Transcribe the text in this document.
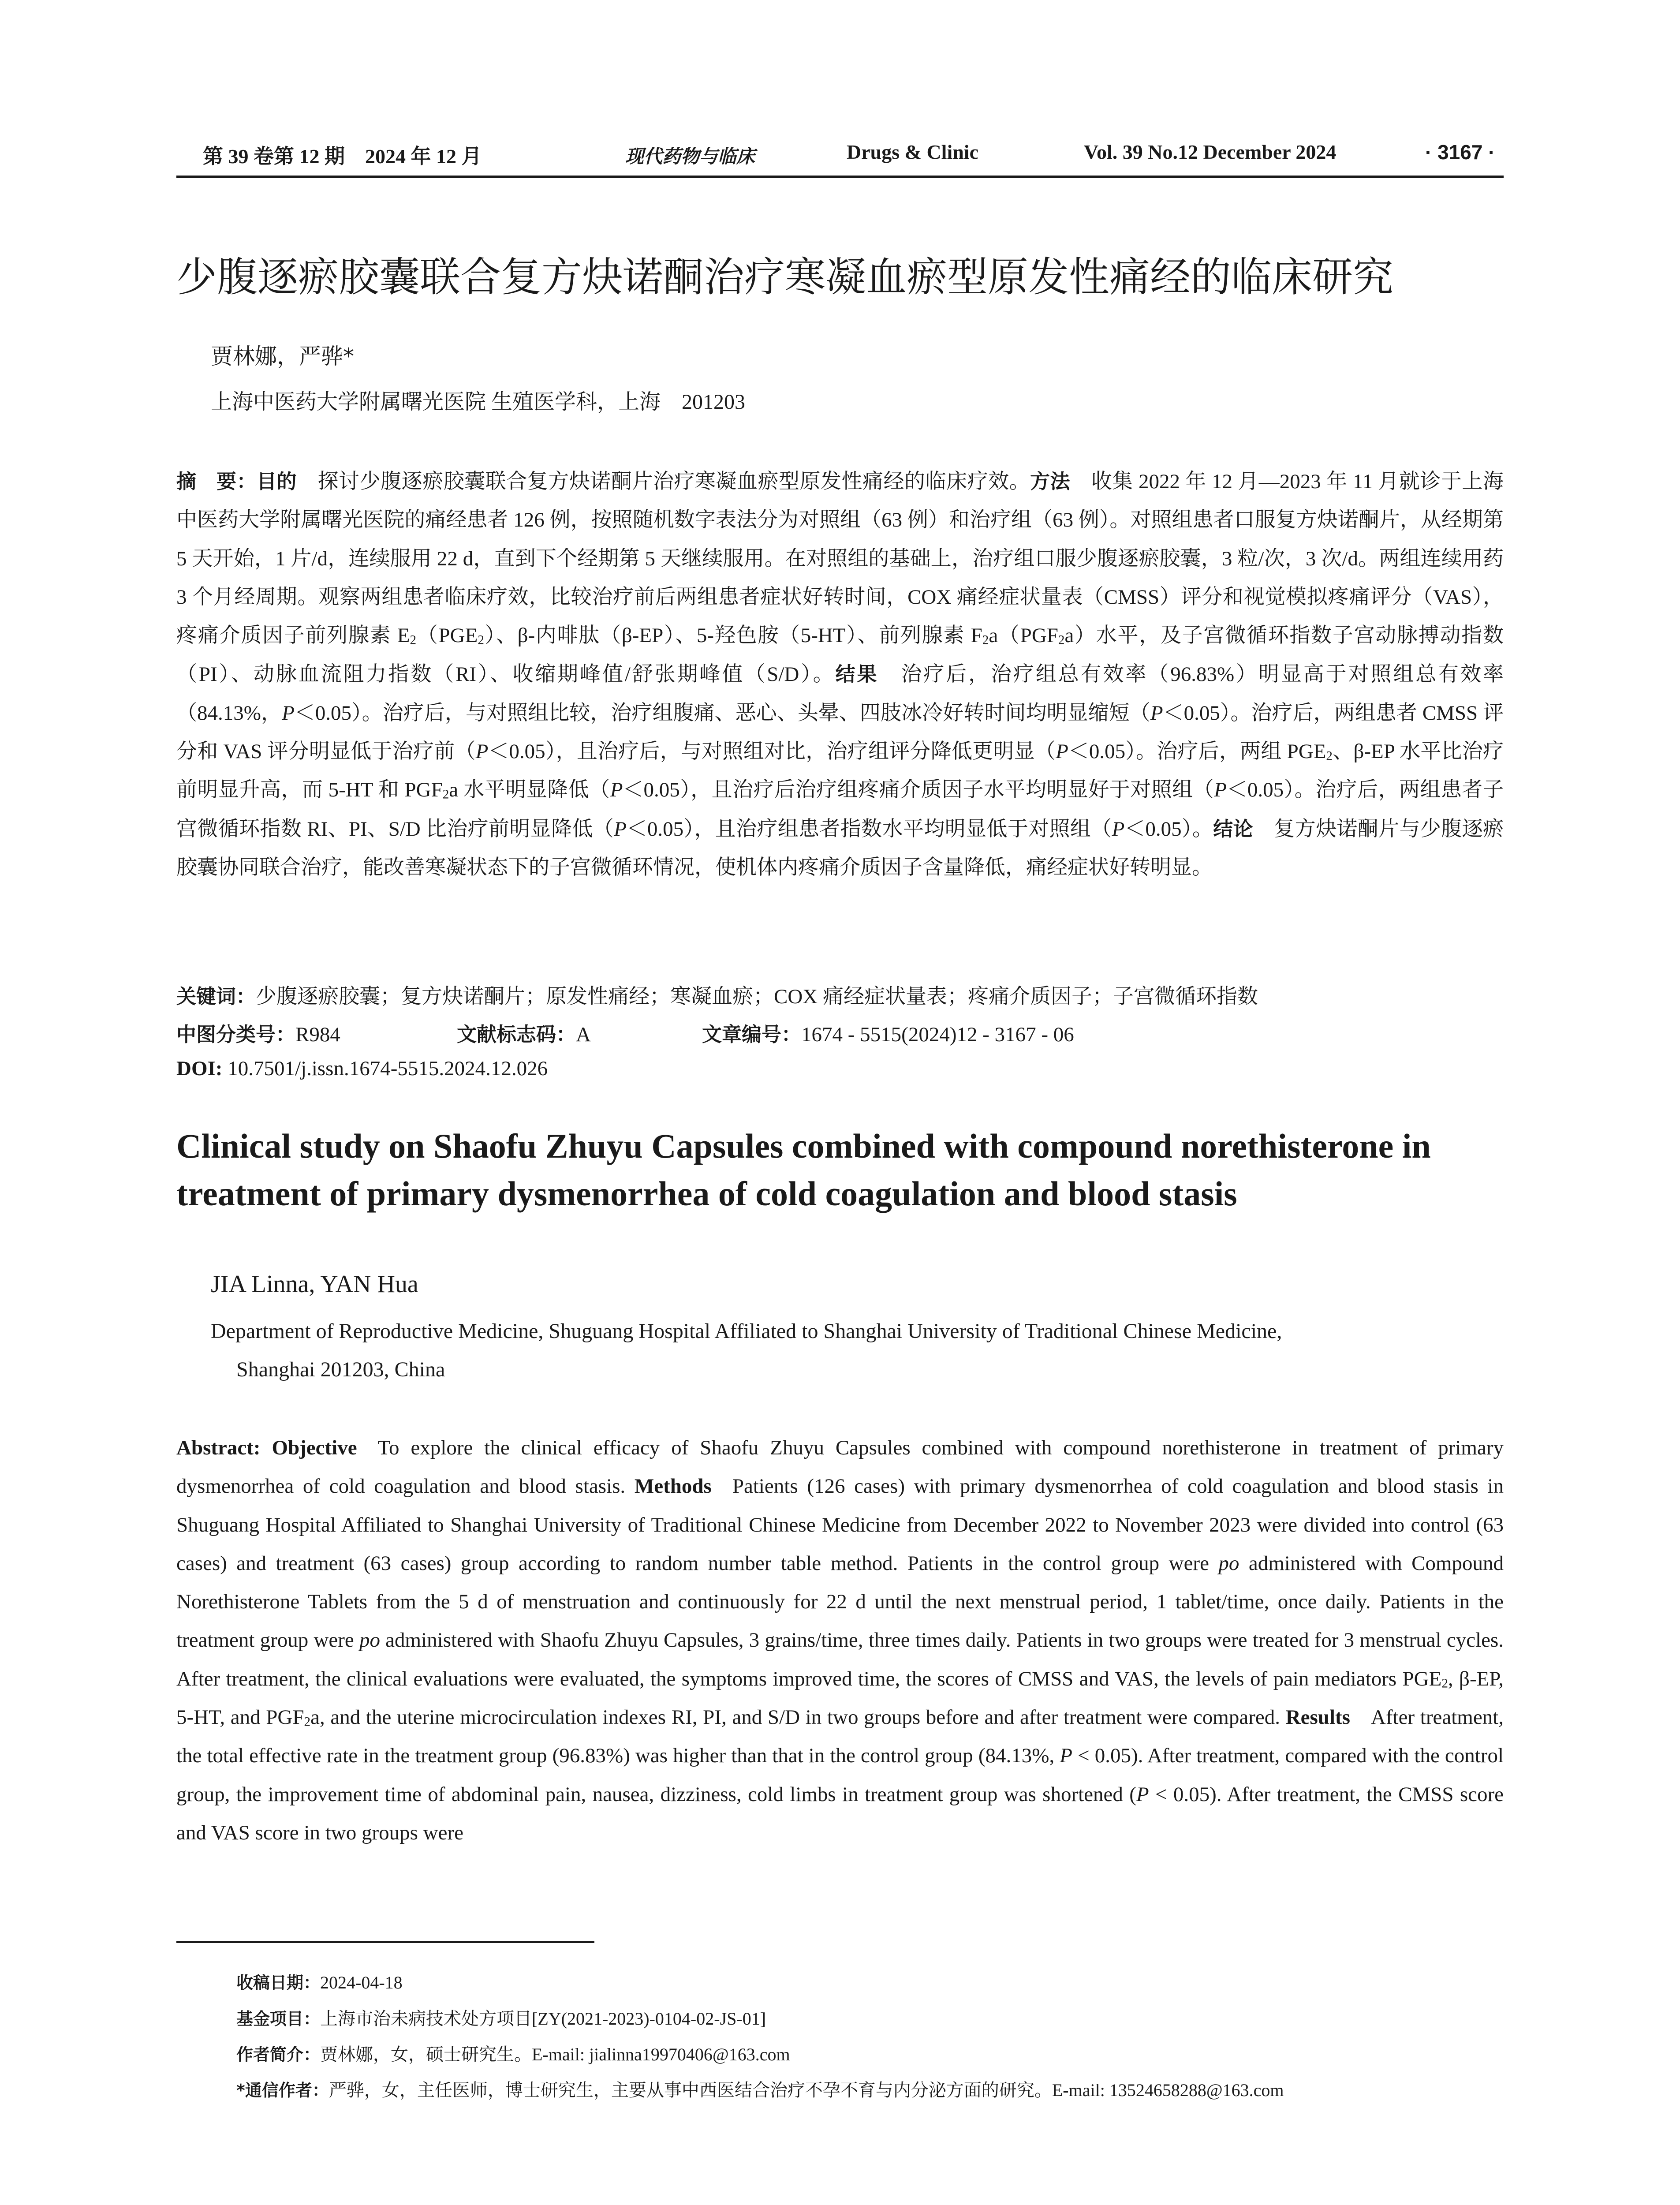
第 39 卷第 12 期　2024 年 12 月	现代药物与临床	Drugs & Clinic	Vol. 39 No.12 December 2024	· 3167 ·
少腹逐瘀胶囊联合复方炔诺酮治疗寒凝血瘀型原发性痛经的临床研究
贾林娜，严骅*
上海中医药大学附属曙光医院 生殖医学科，上海　201203
摘　要：目的　 探讨少腹逐瘀胶囊联合复方炔诺酮片治疗寒凝血瘀型原发性痛经的临床疗效。方法　 收集 2022 年 12 月—2023 年 11 月就诊于上海中医药大学附属曙光医院的痛经患者 126 例，按照随机数字表法分为对照组（63 例）和治疗组（63 例）。对照组患者口服复方炔诺酮片，从经期第 5 天开始，1 片/d，连续服用 22 d，直到下个经期第 5 天继续服用。在对照组的基础上，治疗组口服少腹逐瘀胶囊，3 粒/次，3 次/d。两组连续用药 3 个月经周期。观察两组患者临床疗效，比较治疗前后两组患者症状好转时间，COX 痛经症状量表（CMSS）评分和视觉模拟疼痛评分（VAS），疼痛介质因子前列腺素 $E_2(PGE_2)$、β-内啡肽（β-EP）、5-羟色胺（5-HT）、前列腺素 $F_2a(PGF_2a)$水平，及子宫微循环指数子宫动脉搏动指数（PI）、动脉血流阻力指数（RI）、收缩期峰值/舒张期峰值（S/D）。结果　 治疗后，治疗组总有效率（96.83%）明显高于对照组总有效率（84.13%，P＜0.05）。治疗后，与对照组比较，治疗组腹痛、恶心、头晕、四肢冰冷好转时间均明显缩短（P＜0.05）。治疗后，两组患者 CMSS 评分和 VAS 评分明显低于治疗前（P＜0.05），且治疗后，与对照组对比，治疗组评分降低更明显（P＜0.05）。治疗后，两组 $PGE_2$、β-EP 水平比治疗前明显升高，而 5-HT 和 $PGF_2a$ 水平明显降低（P＜0.05），且治疗后治疗组疼痛介质因子水平均明显好于对照组（P＜0.05）。治疗后，两组患者子宫微循环指数 RI、PI、S/D 比治疗前明显降低（P＜0.05），且治疗组患者指数水平均明显低于对照组（P＜0.05）。结论　 复方炔诺酮片与少腹逐瘀胶囊协同联合治疗，能改善寒凝状态下的子宫微循环情况，使机体内疼痛介质因子含量降低，痛经症状好转明显。
关键词：少腹逐瘀胶囊；复方炔诺酮片；原发性痛经；寒凝血瘀；COX 痛经症状量表；疼痛介质因子；子宫微循环指数
中图分类号：R984	文献标志码：A	文章编号：1674 - 5515(2024)12 - 3167 - 06
DOI: 10.7501/j.issn.1674-5515.2024.12.026
Clinical study on Shaofu Zhuyu Capsules combined with compound norethisterone in treatment of primary dysmenorrhea of cold coagulation and blood stasis
JIA Linna, YAN Hua
Department of Reproductive Medicine, Shuguang Hospital Affiliated to Shanghai University of Traditional Chinese Medicine,
Shanghai 201203, China
Abstract: Objective  To explore the clinical efficacy of Shaofu Zhuyu Capsules combined with compound norethisterone in treatment of primary dysmenorrhea of cold coagulation and blood stasis. Methods  Patients (126 cases) with primary dysmenorrhea of cold coagulation and blood stasis in Shuguang Hospital Affiliated to Shanghai University of Traditional Chinese Medicine from December 2022 to November 2023 were divided into control (63 cases) and treatment (63 cases) group according to random number table method. Patients in the control group were po administered with Compound Norethisterone Tablets from the 5 d of menstruation and continuously for 22 d until the next menstrual period, 1 tablet/time, once daily. Patients in the treatment group were po administered with Shaofu Zhuyu Capsules, 3 grains/time, three times daily. Patients in two groups were treated for 3 menstrual cycles. After treatment, the clinical evaluations were evaluated, the symptoms improved time, the scores of CMSS and VAS, the levels of pain mediators $PGE_2$, β-EP, 5-HT, and $PGF_2a$, and the uterine microcirculation indexes RI, PI, and S/D in two groups before and after treatment were compared. Results  After treatment, the total effective rate in the treatment group (96.83%) was higher than that in the control group (84.13%, P < 0.05). After treatment, compared with the control group, the improvement time of abdominal pain, nausea, dizziness, cold limbs in treatment group was shortened (P < 0.05). After treatment, the CMSS score and VAS score in two groups were
收稿日期：2024-04-18
基金项目：上海市治未病技术处方项目[ZY(2021-2023)-0104-02-JS-01]
作者简介：贾林娜，女，硕士研究生。E-mail: jialinna19970406@163.com
*通信作者：严骅，女，主任医师，博士研究生，主要从事中西医结合治疗不孕不育与内分泌方面的研究。E-mail: 13524658288@163.com
